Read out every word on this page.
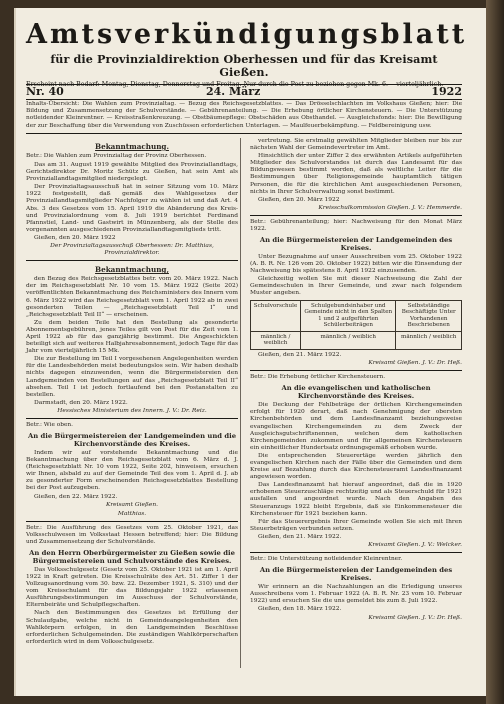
Amtsverkündigungsblatt
für die Provinzialdirektion Oberhessen und für das Kreisamt Gießen.
Erscheint nach Bedarf: Montag, Dienstag, Donnerstag und Freitag. Nur durch die Post zu beziehen gegen Mk. 6.— vierteljährlich.
Nr. 40	24. März	1922
Inhalts-Übersicht: Die Wahlen zum Provinzialtag. — Bezug des Reichsgesetzblattes. — Das Drösselschlachten im Volkshaus Gießen; hier: Die Bildung und Zusammensetzung der Schulvorstände. — Gebührenanteilung. — Die Erhebung örtlicher Kirchensteuern. — Die Unterstützung notleidender Kleinrentner. — Kreisstraßenkreuzung. — Obstbäumepflege: Obstschäden aus Obsthandel. — Ausgleichsfonds: hier: Die Bewilligung der zur Beschaffung über die Verwendung von Zuschüssen erforderlichen Unterlagen. — Maulfeuerbekämpfung. — Feldbereinigung usw.
Bekanntmachung.
Betr.: Die Wahlen zum Provinzialtag der Provinz Oberhessen.

Das am 31. August 1919 gewählte Mitglied des Provinziallandtags, Gerichtsdirektor Dr. Moritz Schütz zu Gießen, hat sein Amt als Provinziallandtagsmitglied niedergelegt.

Der Provinzialtagsausschuß hat in seiner Sitzung vom 10. März 1922 festgestellt, daß gemäß des Wahlgesetzes der Provinziallandtagsmitglieder Nachfolger zu wählen ist und daß Art. 4 Abs. 3 des Gesetzes vom 15. April 1919 die Abänderung des Kreis- und Provinzialordnung vom 8. Juli 1919 berichtet Ferdinand Pfannstiel, Land- und Gastwirt in Münzenberg, als der Stelle des vorgenannten ausgeschiedenen Provinziallandtagsmitglieds tritt.

Gießen, den 20. März 1922

Der Provinzialtagsausschuß Oberhessen: Dr. Matthias, Provinzialdirektor.
Bekanntmachung,

den Bezug des Reichsgesetzblattes betr. vom 20. März 1922. Nach der im Reichsgesetzblatt Nr. 10 vom 15. März 1922 (Seite 202) veröffentlichten Bekanntmachung des Reichsministers des Innern vom 6. März 1922 wird das Reichsgesetzblatt vom 1. April 1922 ab in zwei gesonderten Teilen — „Reichsgesetzblatt Teil I“ und „Reichsgesetzblatt Teil II“ — erscheinen.

Zu dem beiden Teile hat den Bestellung als gesonderte Abonnementsgebühren, jenes Teiles gilt von Post für die Zeit vom 1. April 1922 ab für das ganzjährig bestimmt. Die Angeschickten beteiligt sich auf weiteres Halbjahresabonnement, jedoch Tage für das Jahr vom vierteljährlich 15 Mk.

Die zur Bestellung im Teil I vorgesehenen Angelegenheiten werden für die Landesbehörden meist bedeutungslos sein. Wir haben deshalb nichts dagegen einzuwenden, wenn die Bürgermeistereien den Landgemeinden von Bestellungen auf das „Reichsgesetzblatt Teil II“ absehen. Teil I ist jedoch fortlaufend bei den Postanstalten zu bestellen.

Darmstadt, den 20. März 1922.

Hessisches Ministerium des Innern. J. V.: Dr. Reiz.
Betr.: Wie oben.
An die Bürgermeistereien der Landgemeinden und die Kirchenvorstände des Kreises.

Indem wir auf vorstehende Bekanntmachung und die Bekanntmachung über den Reichsgesetzblatt vom 6. März d. J. (Reichsgesetzblatt Nr. 10 vom 1922, Seite 202, hinweisen, ersuchen wir Ihnen, alsbald zu auf der Gemeinde Teil des vom 1. April d. J. ab zu gesonderter Form erscheinenden Reichsgesetzblattes Bestellung bei der Post aufzugeben.

Gießen, den 22. März 1922.

Kreisamt Gießen.
Matthias.
Betr.: Die Ausführung des Gesetzes vom 25. Oktober 1921, das Volksschulwesen im Volksstaat Hessen betreffend; hier: Die Bildung und Zusammensetzung der Schulvorstände.
An den Herrn Oberbürgermeister zu Gießen sowie die Bürgermeistereien und Schulvorstände des Kreises.

Das Volksschulgesetz (Gesetz vom 25. Oktober 1921 ist am 1. April 1922 in Kraft getreten. Die Kreisschulräte des Art. 51. Ziffer 1 der Vollzugsanordnung vom 30. bzw. 22. Dezember 1921, S. 310) und der vom Kreisschulamt für das Bildungsjahr 1922 erlassenen Ausführungsbestimmungen im Ausschuss der Schulvorstände, Elternbeiräte und Schulpflegschaften.

Nach den Bestimmungen des Gesetzes ist Erfüllung der Schulaufgabe, welche nicht in Gemeindeangelegenheiten den Wahlkörpern erfolgen, in den Landgemeinden Beschlüsse erforderlichen Schulgemeinden. Die zuständigen Wahlkörperschaften erforderlich wird in dem Volksschulgesetz.

vertretung. Sie erstmalig gewählten Mitglieder bleiben nur bis zur nächsten Wahl der Gemeindevertreter im Amt.

Hinsichtlich der unter Ziffer 2 des erwähnten Artikels aufgeführten Mitglieder des Schulvorstandes ist durch das Landesamt für das Bildungswesen bestimmt worden, daß als weltliche Leiter für die Bestimmungen über Religionsgemeinde hauptamtlich tätigen Personen, die für die kirchlichen Amt ausgeschiedenen Personen, nichts in Ihrer Schulverwaltung sonst bestimmt.

Gießen, den 20. März 1922

Kreisschulkommission Gießen. J. V.: Hemmerde.
Betr.: Gebührenanteilung; hier: Nachweisung für den Monat März 1922.
An die Bürgermeistereien der Landgemeinden des Kreises.

Unter Bezugnahme auf unser Ausschreiben vom 25. Oktober 1922 (A. B. R. Nr. 126 vom 20. Oktober 1922) bitten wir die Einsendung der Nachweisung bis spätestens 8. April 1922 einzusenden.

Gleichzeitig wollen Sie mit dieser Nachweisung die Zahl der Gemeindeschulen in Ihrer Gemeinde, und zwar nach folgendem Muster angeben.

Schulvorschule	Schulgebundsinhaber und Gemeinde nicht in den Spalten 1 und 2 aufgeführten Schülerbeiträgen	Selbstständige Beschäftigte Unter Vorhandenen Beschriebenen
männlich / weiblich	männlich / weiblich	männlich / weiblich

Gießen, den 21. März 1922.

Kreisamt Gießen. J. V.: Dr. Heß.
Betr.: Die Erhebung örtlicher Kirchensteuern.
An die evangelischen und katholischen Kirchenvorstände des Kreises.

Die Deckung der Fehlbeträge der örtlichen Kirchengemeinden erfolgt für 1920 derart, daß nach Genehmigung der obersten Kirchenbehörden und dem Landesfinanzamt beziehungsweise evangelischen Kirchengemeinden zu dem Zweck der Ausgleichsgutschriftsnennen, welchen dem katholischen Kirchengemeinden zukommen und für allgemeinen Kirchensteuern ein einheitlicher Hundertsatz ordnungsgemäß erhoben wurde.

Die entsprechenden Steuerertäge werden jährlich den evangelischen Kirchen nach der Fälle über die Gemeinden und dem Kreise auf Bezahlung durch das Kirchensteueramt Landesfinanzamt angewiesen worden.

Das Landesfinanzamt hat hierauf angeordnet, daß die in 1920 erhobenen Steuerzuschläge rechtzeitig und als Steuerschuld für 1921 ausfallen und angeordnet wurde. Nach den Angaben des Steueranzugs 1922 bleibt Ergebnis, daß sie Einkommensteuer die Kirchensteuer für 1921 beziehen kann.

Für das Steuerergebnis Ihrer Gemeinde wollen Sie sich mit Ihren Steuerbeträgen verbunden setzen.

Gießen, den 21. März 1922.

Kreisamt Gießen. J. V.: Welcker.
Betr.: Die Unterstützung notleidender Kleinrentner.
An die Bürgermeistereien der Landgemeinden des Kreises.

Wir erinnern an die Nachzahlungen an die Erledigung unseres Ausschreibens vom 1. Februar 1922 (A. B. R. Nr. 23 vom 10. Februar 1922) und ersuchen Sie die uns gemeldet bis zum 8. Juli 1922.

Gießen, den 18. März 1922.

Kreisamt Gießen. J. V.: Dr. Heß.
